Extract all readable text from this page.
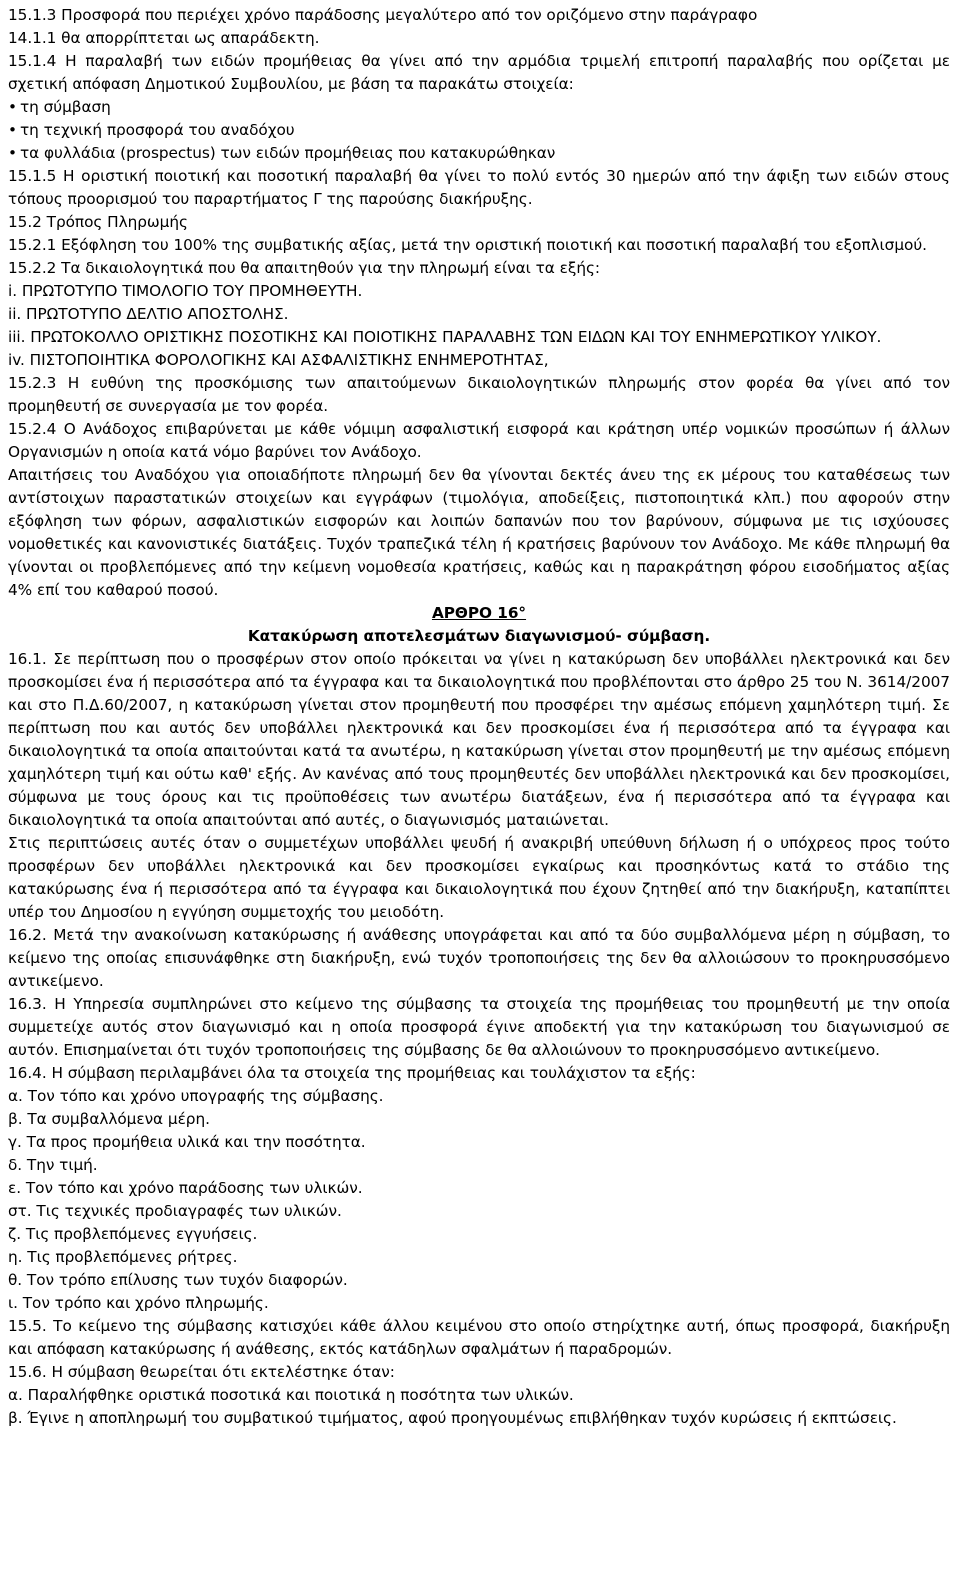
15.1.3 Προσφορά που περιέχει χρόνο παράδοσης μεγαλύτερο από τον οριζόμενο στην παράγραφο

14.1.1 θα απορρίπτεται ως απαράδεκτη.

15.1.4 Η παραλαβή των ειδών προμήθειας θα γίνει από την αρμόδια τριμελή επιτροπή παραλαβής που ορίζεται με σχετική απόφαση Δημοτικού Συμβουλίου, με βάση τα παρακάτω στοιχεία:

• τη σύμβαση

• τη τεχνική προσφορά του αναδόχου

• τα φυλλάδια (prospectus) των ειδών προμήθειας που κατακυρώθηκαν

15.1.5 Η οριστική ποιοτική και ποσοτική παραλαβή θα γίνει το πολύ εντός 30 ημερών από την άφιξη των ειδών στους τόπους προορισμού του παραρτήματος Γ της παρούσης διακήρυξης.

15.2 Τρόπος Πληρωμής

15.2.1 Εξόφληση του 100% της συμβατικής αξίας, μετά την οριστική ποιοτική και ποσοτική παραλαβή του εξοπλισμού.

15.2.2 Τα δικαιολογητικά που θα απαιτηθούν για την πληρωμή είναι τα εξής:

i. ΠΡΩΤΟΤΥΠΟ ΤΙΜΟΛΟΓΙΟ ΤΟΥ ΠΡΟΜΗΘΕΥΤΗ.

ii. ΠΡΩΤΟΤΥΠΟ ΔΕΛΤΙΟ ΑΠΟΣΤΟΛΗΣ.

iii. ΠΡΩΤΟΚΟΛΛΟ ΟΡΙΣΤΙΚΗΣ ΠΟΣΟΤΙΚΗΣ ΚΑΙ ΠΟΙΟΤΙΚΗΣ ΠΑΡΑΛΑΒΗΣ ΤΩΝ ΕΙΔΩΝ ΚΑΙ ΤΟΥ ΕΝΗΜΕΡΩΤΙΚΟΥ ΥΛΙΚΟΥ.

iv. ΠΙΣΤΟΠΟΙΗΤΙΚΑ ΦΟΡΟΛΟΓΙΚΗΣ ΚΑΙ ΑΣΦΑΛΙΣΤΙΚΗΣ ΕΝΗΜΕΡΟΤΗΤΑΣ,

15.2.3 Η ευθύνη της προσκόμισης των απαιτούμενων δικαιολογητικών πληρωμής στον φορέα θα γίνει από τον προμηθευτή σε συνεργασία με τον φορέα.

15.2.4 Ο Ανάδοχος επιβαρύνεται με κάθε νόμιμη ασφαλιστική εισφορά και κράτηση υπέρ νομικών προσώπων ή άλλων Οργανισμών η οποία κατά νόμο βαρύνει τον Ανάδοχο.

Απαιτήσεις του Αναδόχου για οποιαδήποτε πληρωμή δεν θα γίνονται δεκτές άνευ της εκ μέρους του καταθέσεως των αντίστοιχων παραστατικών στοιχείων και εγγράφων (τιμολόγια, αποδείξεις, πιστοποιητικά κλπ.) που αφορούν στην εξόφληση των φόρων, ασφαλιστικών εισφορών και λοιπών δαπανών που τον βαρύνουν, σύμφωνα με τις ισχύουσες νομοθετικές και κανονιστικές διατάξεις. Τυχόν τραπεζικά τέλη ή κρατήσεις βαρύνουν τον Ανάδοχο. Με κάθε πληρωμή θα γίνονται οι προβλεπόμενες από την κείμενη νομοθεσία κρατήσεις, καθώς και η παρακράτηση φόρου εισοδήματος αξίας 4% επί του καθαρού ποσού.

ΑΡΘΡΟ 16°

Κατακύρωση αποτελεσμάτων διαγωνισμού- σύμβαση.

16.1. Σε περίπτωση που ο προσφέρων στον οποίο πρόκειται να γίνει η κατακύρωση δεν υποβάλλει ηλεκτρονικά και δεν προσκομίσει ένα ή περισσότερα από τα έγγραφα και τα δικαιολογητικά που προβλέπονται στο άρθρο 25 του Ν. 3614/2007 και στο Π.Δ.60/2007, η κατακύρωση γίνεται στον προμηθευτή που προσφέρει την αμέσως επόμενη χαμηλότερη τιμή. Σε περίπτωση που και αυτός δεν υποβάλλει ηλεκτρονικά και δεν προσκομίσει ένα ή περισσότερα από τα έγγραφα και δικαιολογητικά τα οποία απαιτούνται κατά τα ανωτέρω, η κατακύρωση γίνεται στον προμηθευτή με την αμέσως επόμενη χαμηλότερη τιμή και ούτω καθ' εξής. Αν κανένας από τους προμηθευτές δεν υποβάλλει ηλεκτρονικά και δεν προσκομίσει, σύμφωνα με τους όρους και τις προϋποθέσεις των ανωτέρω διατάξεων, ένα ή περισσότερα από τα έγγραφα και δικαιολογητικά τα οποία απαιτούνται από αυτές, ο διαγωνισμός ματαιώνεται.

Στις περιπτώσεις αυτές όταν ο συμμετέχων υποβάλλει ψευδή ή ανακριβή υπεύθυνη δήλωση ή ο υπόχρεος προς τούτο προσφέρων δεν υποβάλλει ηλεκτρονικά και δεν προσκομίσει εγκαίρως και προσηκόντως κατά το στάδιο της κατακύρωσης ένα ή περισσότερα από τα έγγραφα και δικαιολογητικά που έχουν ζητηθεί από την διακήρυξη, καταπίπτει υπέρ του Δημοσίου η εγγύηση συμμετοχής του μειοδότη.

16.2. Μετά την ανακοίνωση κατακύρωσης ή ανάθεσης υπογράφεται και από τα δύο συμβαλλόμενα μέρη η σύμβαση, το κείμενο της οποίας επισυνάφθηκε στη διακήρυξη, ενώ τυχόν τροποποιήσεις της δεν θα αλλοιώσουν το προκηρυσσόμενο αντικείμενο.

16.3. Η Υπηρεσία συμπληρώνει στο κείμενο της σύμβασης τα στοιχεία της προμήθειας του προμηθευτή με την οποία συμμετείχε αυτός στον διαγωνισμό και η οποία προσφορά έγινε αποδεκτή για την κατακύρωση του διαγωνισμού σε αυτόν. Επισημαίνεται ότι τυχόν τροποποιήσεις της σύμβασης δε θα αλλοιώνουν το προκηρυσσόμενο αντικείμενο.

16.4. Η σύμβαση περιλαμβάνει όλα τα στοιχεία της προμήθειας και τουλάχιστον τα εξής:

α. Τον τόπο και χρόνο υπογραφής της σύμβασης.

β. Τα συμβαλλόμενα μέρη.

γ. Τα προς προμήθεια υλικά και την ποσότητα.

δ. Την τιμή.

ε. Τον τόπο και χρόνο παράδοσης των υλικών.

στ. Τις τεχνικές προδιαγραφές των υλικών.

ζ. Τις προβλεπόμενες εγγυήσεις.

η. Τις προβλεπόμενες ρήτρες.

θ. Τον τρόπο επίλυσης των τυχόν διαφορών.

ι. Τον τρόπο και χρόνο πληρωμής.

15.5. Το κείμενο της σύμβασης κατισχύει κάθε άλλου κειμένου στο οποίο στηρίχτηκε αυτή, όπως προσφορά, διακήρυξη και απόφαση κατακύρωσης ή ανάθεσης, εκτός κατάδηλων σφαλμάτων ή παραδρομών.

15.6. Η σύμβαση θεωρείται ότι εκτελέστηκε όταν:

α. Παραλήφθηκε οριστικά ποσοτικά και ποιοτικά η ποσότητα των υλικών.

β. Έγινε η αποπληρωμή του συμβατικού τιμήματος, αφού προηγουμένως επιβλήθηκαν τυχόν κυρώσεις ή εκπτώσεις.
